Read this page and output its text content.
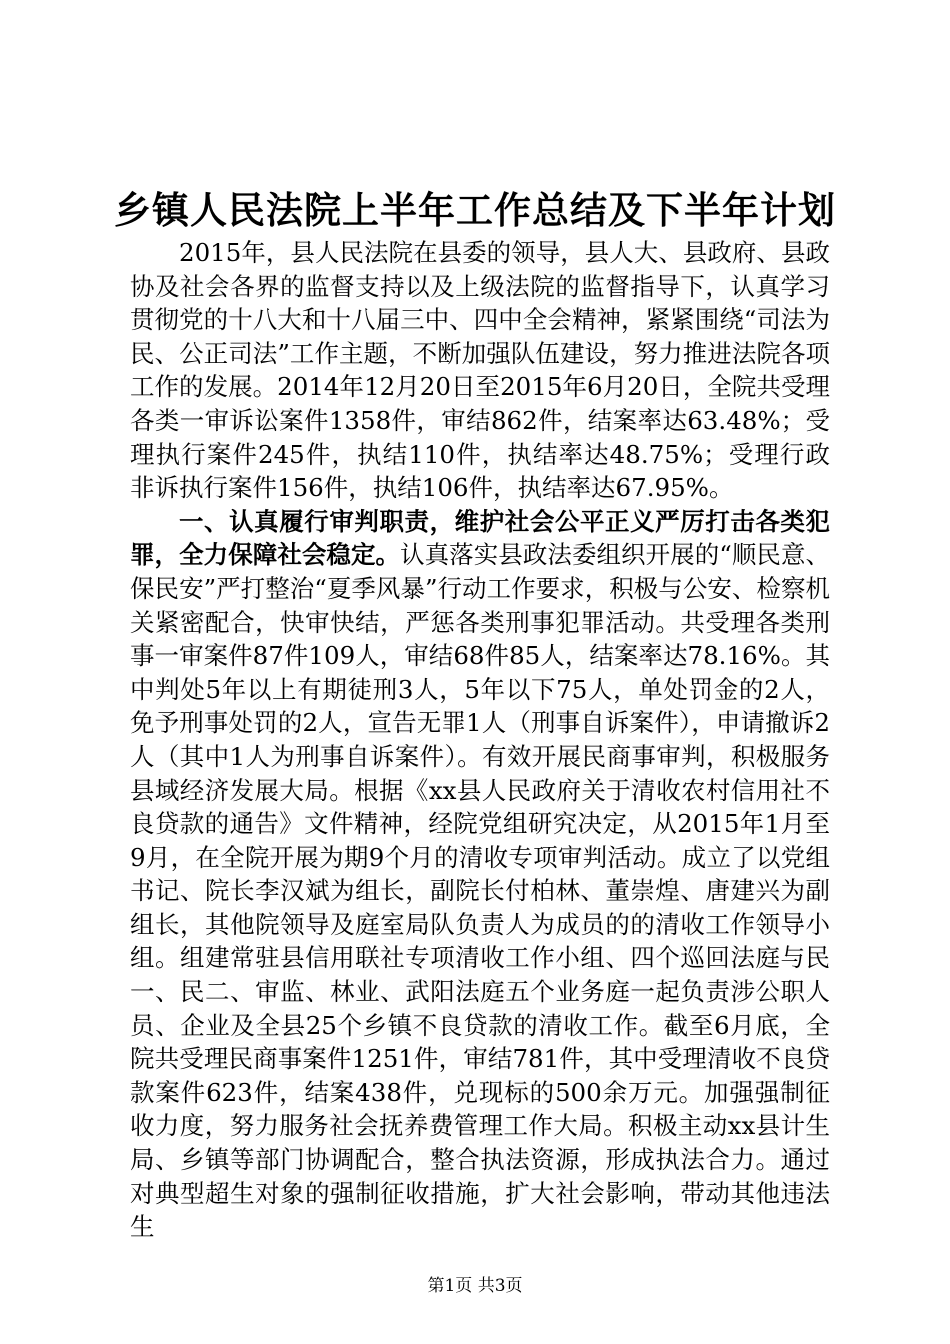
乡镇人民法院上半年工作总结及下半年计划

2015年，县人民法院在县委的领导，县人大、县政府、县政协及社会各界的监督支持以及上级法院的监督指导下，认真学习贯彻党的十八大和十八届三中、四中全会精神，紧紧围绕“司法为民、公正司法”工作主题，不断加强队伍建设，努力推进法院各项工作的发展。2014年12月20日至2015年6月20日，全院共受理各类一审诉讼案件1358件，审结862件，结案率达63.48%；受理执行案件245件，执结110件，执结率达48.75%；受理行政非诉执行案件156件，执结106件，执结率达67.95%。

一、认真履行审判职责，维护社会公平正义严厉打击各类犯罪，全力保障社会稳定。认真落实县政法委组织开展的“顺民意、保民安”严打整治“夏季风暴”行动工作要求，积极与公安、检察机关紧密配合，快审快结，严惩各类刑事犯罪活动。共受理各类刑事一审案件87件109人，审结68件85人，结案率达78.16%。其中判处5年以上有期徒刑3人，5年以下75人，单处罚金的2人，免予刑事处罚的2人，宣告无罪1人（刑事自诉案件），申请撤诉2人（其中1人为刑事自诉案件）。有效开展民商事审判，积极服务县域经济发展大局。根据《xx县人民政府关于清收农村信用社不良贷款的通告》文件精神，经院党组研究决定，从2015年1月至9月，在全院开展为期9个月的清收专项审判活动。成立了以党组书记、院长李汉斌为组长，副院长付柏林、董崇煌、唐建兴为副组长，其他院领导及庭室局队负责人为成员的的清收工作领导小组。组建常驻县信用联社专项清收工作小组、四个巡回法庭与民一、民二、审监、林业、武阳法庭五个业务庭一起负责涉公职人员、企业及全县25个乡镇不良贷款的清收工作。截至6月底，全院共受理民商事案件1251件，审结781件，其中受理清收不良贷款案件623件，结案438件，兑现标的500余万元。加强强制征收力度，努力服务社会抚养费管理工作大局。积极主动xx县计生局、乡镇等部门协调配合，整合执法资源，形成执法合力。通过对典型超生对象的强制征收措施，扩大社会影响，带动其他违法生

第1页 共3页
